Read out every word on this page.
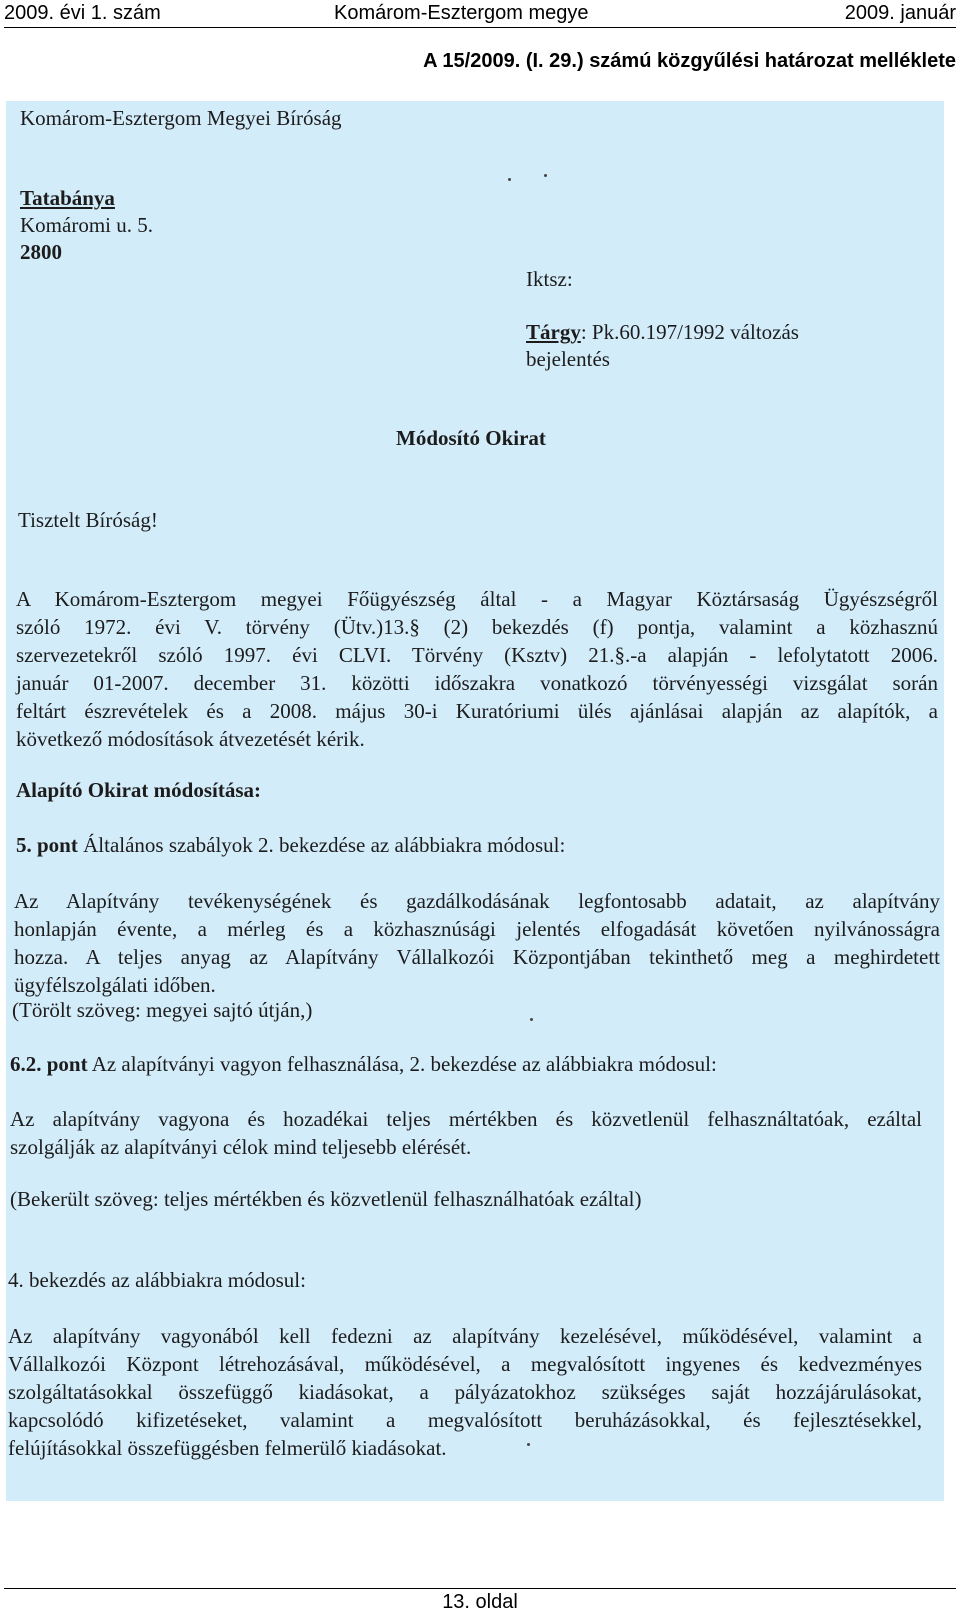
2009. évi 1. szám	Komárom-Esztergom megye	2009. január
A 15/2009. (I. 29.) számú közgyűlési határozat melléklete
Komárom-Esztergom Megyei Bíróság
Tatabánya
Komáromi u. 5.
2800
Iktsz:
Tárgy: Pk.60.197/1992 változás
bejelentés
Módosító Okirat
Tisztelt Bíróság!
A Komárom-Esztergom megyei Főügyészség által - a Magyar Köztársaság Ügyészségről
szóló 1972. évi V. törvény (Ütv.)13.§ (2) bekezdés (f) pontja, valamint a közhasznú
szervezetekről szóló 1997. évi CLVI. Törvény (Ksztv) 21.§.-a alapján - lefolytatott 2006.
január 01-2007. december 31. közötti időszakra vonatkozó törvényességi vizsgálat során
feltárt észrevételek és a 2008. május 30-i Kuratóriumi ülés ajánlásai alapján az alapítók, a
következő módosítások átvezetését kérik.
Alapító Okirat módosítása:
5. pont Általános szabályok 2. bekezdése az alábbiakra módosul:
Az Alapítvány tevékenységének és gazdálkodásának legfontosabb adatait, az alapítvány
honlapján évente, a mérleg és a közhasznúsági jelentés elfogadását követően nyilvánosságra
hozza. A teljes anyag az Alapítvány Vállalkozói Központjában tekinthető meg a meghirdetett
ügyfélszolgálati időben.
(Törölt szöveg: megyei sajtó útján,)
6.2. pont Az alapítványi vagyon felhasználása, 2. bekezdése az alábbiakra módosul:
Az alapítvány vagyona és hozadékai teljes mértékben és közvetlenül felhasználtatóak, ezáltal
szolgálják az alapítványi célok mind teljesebb elérését.
(Bekerült szöveg: teljes mértékben és közvetlenül felhasználhatóak ezáltal)
4. bekezdés az alábbiakra módosul:
Az alapítvány vagyonából kell fedezni az alapítvány kezelésével, működésével, valamint a
Vállalkozói Központ létrehozásával, működésével, a megvalósított ingyenes és kedvezményes
szolgáltatásokkal összefüggő kiadásokat, a pályázatokhoz szükséges saját hozzájárulásokat,
kapcsolódó kifizetéseket, valamint a megvalósított beruházásokkal, és fejlesztésekkel,
felújításokkal összefüggésben felmerülő kiadásokat.
13. oldal
